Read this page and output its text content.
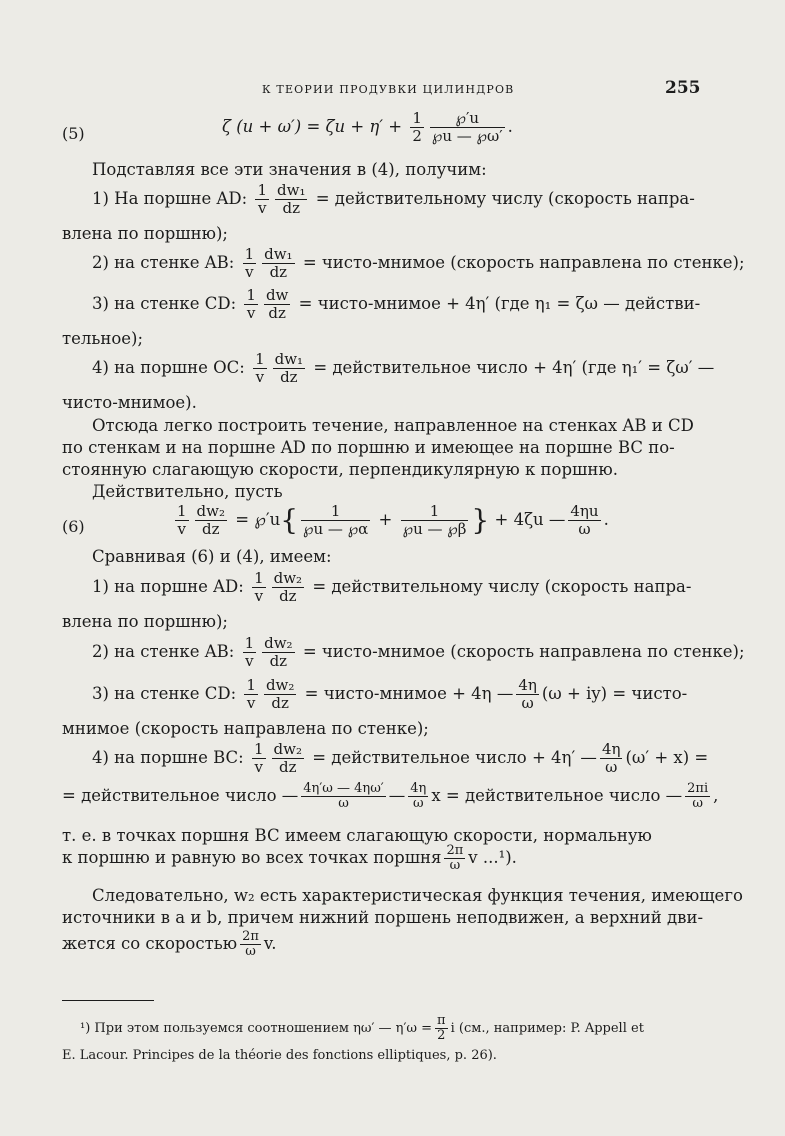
К ТЕОРИИ ПРОДУВКИ ЦИЛИНДРОВ	255
(5)	ζ $(u + \omega') = \zeta u + \eta' + \frac{1}{2} \frac{℘'u}{℘u — ℘\omega'}$ .
Подставляя все эти значения в (4), получим:
1) На поршне AD: $\frac{1}{v} \frac{\text{dw₁}}{dz}$ = действительному числу (скорость напра-
влена по поршню);
2) на стенке AB: $\frac{1}{v} \frac{\text{dw₁}}{dz}$ = чисто-мнимое (скорость направлена по стенке);
3) на стенке CD: $\frac{1}{v} \frac{dw}{dz}$ = чисто-мнимое + 4η′ (где η₁ = ζω — действи-
тельное);
4) на поршне OC: $\frac{1}{v} \frac{\text{dw₁}}{dz}$ = действительное число + 4η′ (где η₁′ = ζω′ —
чисто-мнимое).
Отсюда легко построить течение, направленное на стенках AB и CD
по стенкам и на поршне AD по поршню и имеющее на поршне BC по-
стоянную слагающую скорости, перпендикулярную к поршню.
Действительно, пусть
(6)	$\frac{1}{v} \frac{\text{dw₂}}{dz}$ = ℘′u{ $\frac{1}{℘u — ℘\alpha} + \frac{1}{℘u — ℘\beta}$ } + 4ζu — $\frac{4\eta u}{\omega}$ .
Сравнивая (6) и (4), имеем:
1) на поршне AD: $\frac{1}{v} \frac{\text{dw₂}}{dz}$ = действительному числу (скорость напра-
влена по поршню);
2) на стенке AB: $\frac{1}{v} \frac{\text{dw₂}}{dz}$ = чисто-мнимое (скорость направлена по стенке);
3) на стенке CD: $\frac{1}{v} \frac{\text{dw₂}}{dz}$ = чисто-мнимое + 4η — $\frac{4\eta}{\omega} (\omega + iy)$ = чисто-
мнимое (скорость направлена по стенке);
4) на поршне BC: $\frac{1}{v} \frac{\text{dw₂}}{dz}$ = действительное число + 4η′ — $\frac{4\eta}{\omega} (\omega' + x)$ =
= действительное число — $\frac{4\eta'\omega — 4\eta\omega'}{\omega}$ — $\frac{4\eta}{\omega}$ x = действительное число — $\frac{2\pi i}{\omega}$ ,
т. е. в точках поршня BC имеем слагающую скорости, нормальную
к поршню и равную во всех точках поршня $\frac{2\pi}{\omega}$ v ...¹).
Следовательно, w₂ есть характеристическая функция течения, имеющего
источники в a и b, причем нижний поршень неподвижен, а верхний дви-
жется со скоростью $\frac{2\pi}{\omega} v$.
¹) При этом пользуемся соотношением ηω′ — $\eta'\omega = \frac{\pi}{2}$ i (см., например: P. Appell et
E. Lacour. Principes de la théorie des fonctions elliptiques, p. 26).
